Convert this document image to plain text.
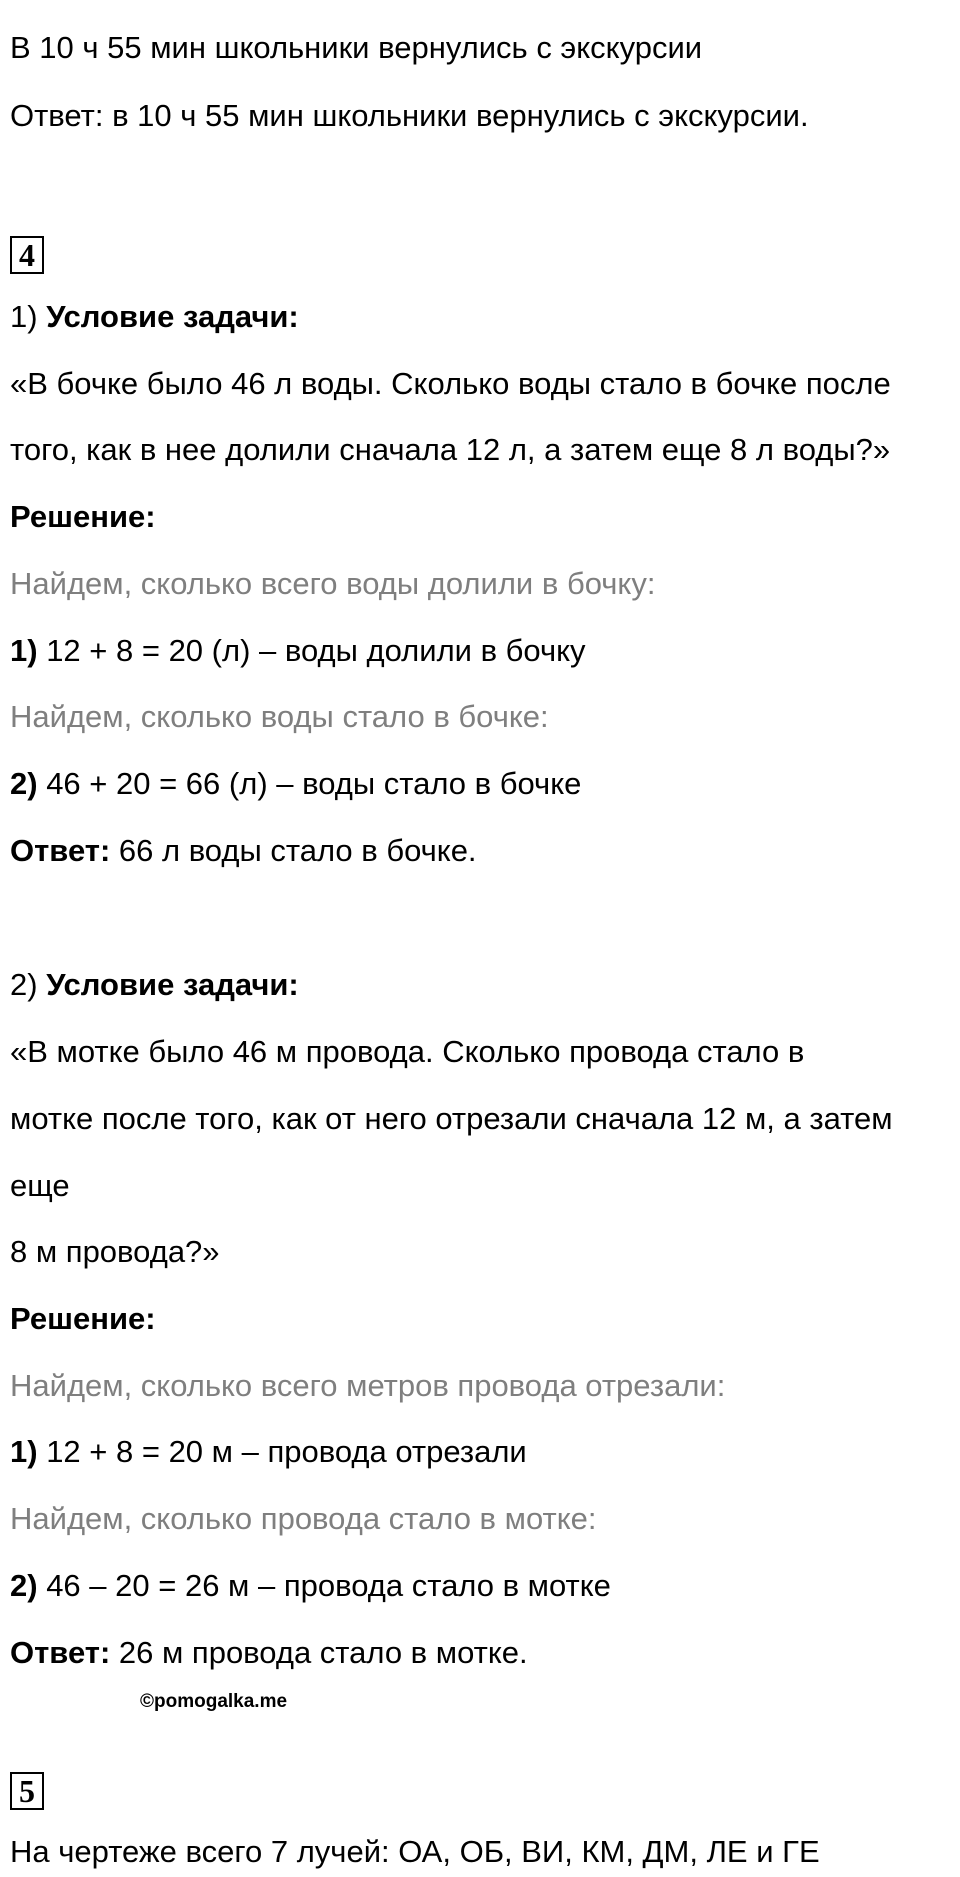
В 10 ч 55 мин школьники вернулись с экскурсии
Ответ: в 10 ч 55 мин школьники вернулись с экскурсии.
4
1) Условие задачи:
«В бочке было 46 л воды. Сколько воды стало в бочке после
того, как в нее долили сначала 12 л, а затем еще 8 л воды?»
Решение:
Найдем, сколько всего воды долили в бочку:
1) 12 + 8 = 20 (л) – воды долили в бочку
Найдем, сколько воды стало в бочке:
2) 46 + 20 = 66 (л) – воды стало в бочке
Ответ: 66 л воды стало в бочке.
2) Условие задачи:
«В мотке было 46 м провода. Сколько провода стало в
мотке после того, как от него отрезали сначала 12 м, а затем
еще
8 м провода?»
Решение:
Найдем, сколько всего метров провода отрезали:
1) 12 + 8 = 20 м – провода отрезали
Найдем, сколько провода стало в мотке:
2) 46 – 20 = 26 м – провода стало в мотке
Ответ: 26 м провода стало в мотке.
©pomogalka.me
5
На чертеже всего 7 лучей: ОА, ОБ, ВИ, КМ, ДМ, ЛЕ и ГЕ
